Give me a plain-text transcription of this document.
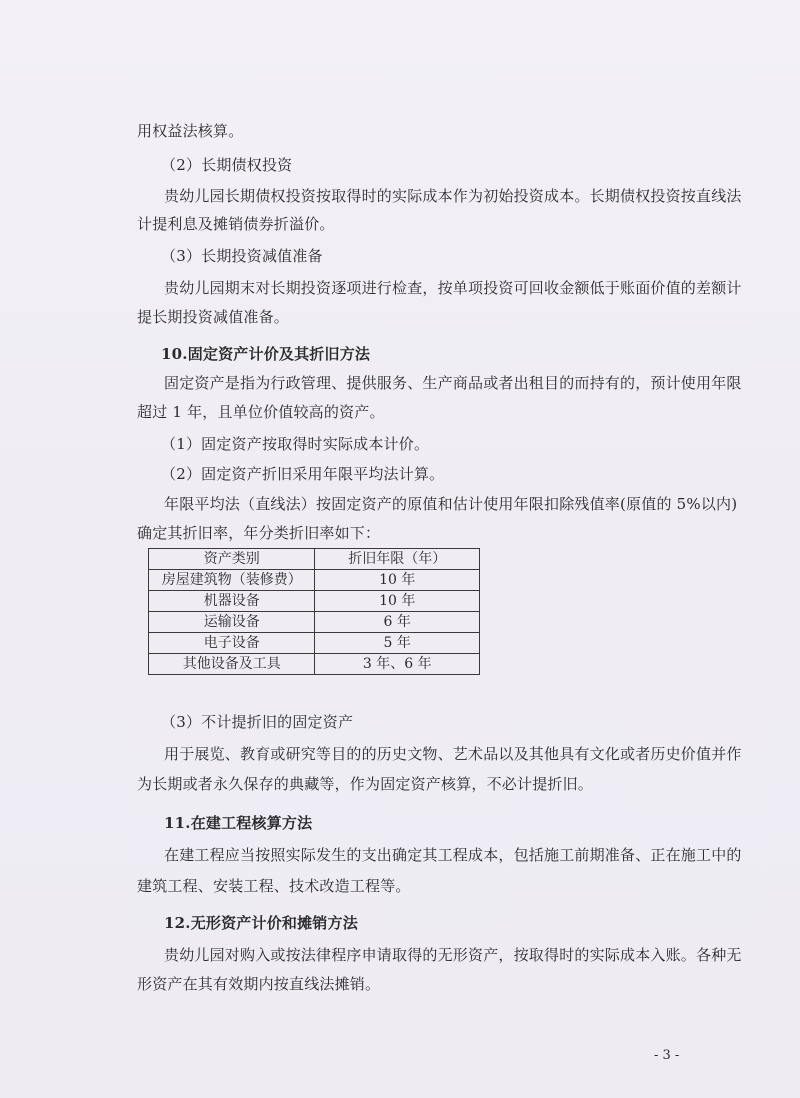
用权益法核算。
（2）长期债权投资
贵幼儿园长期债权投资按取得时的实际成本作为初始投资成本。长期债权投资按直线法
计提利息及摊销债券折溢价。
（3）长期投资减值准备
贵幼儿园期末对长期投资逐项进行检查，按单项投资可回收金额低于账面价值的差额计
提长期投资减值准备。
10.固定资产计价及其折旧方法
固定资产是指为行政管理、提供服务、生产商品或者出租目的而持有的，预计使用年限
超过 1 年，且单位价值较高的资产。
（1）固定资产按取得时实际成本计价。
（2）固定资产折旧采用年限平均法计算。
年限平均法（直线法）按固定资产的原值和估计使用年限扣除残值率(原值的 5%以内)
确定其折旧率，年分类折旧率如下：
资产类别	折旧年限（年）
房屋建筑物（装修费）	10 年
机器设备	10 年
运输设备	6 年
电子设备	5 年
其他设备及工具	3 年、6 年
（3）不计提折旧的固定资产
用于展览、教育或研究等目的的历史文物、艺术品以及其他具有文化或者历史价值并作
为长期或者永久保存的典藏等，作为固定资产核算，不必计提折旧。
11.在建工程核算方法
在建工程应当按照实际发生的支出确定其工程成本，包括施工前期准备、正在施工中的
建筑工程、安装工程、技术改造工程等。
12.无形资产计价和摊销方法
贵幼儿园对购入或按法律程序申请取得的无形资产，按取得时的实际成本入账。各种无
形资产在其有效期内按直线法摊销。
- 3 -
